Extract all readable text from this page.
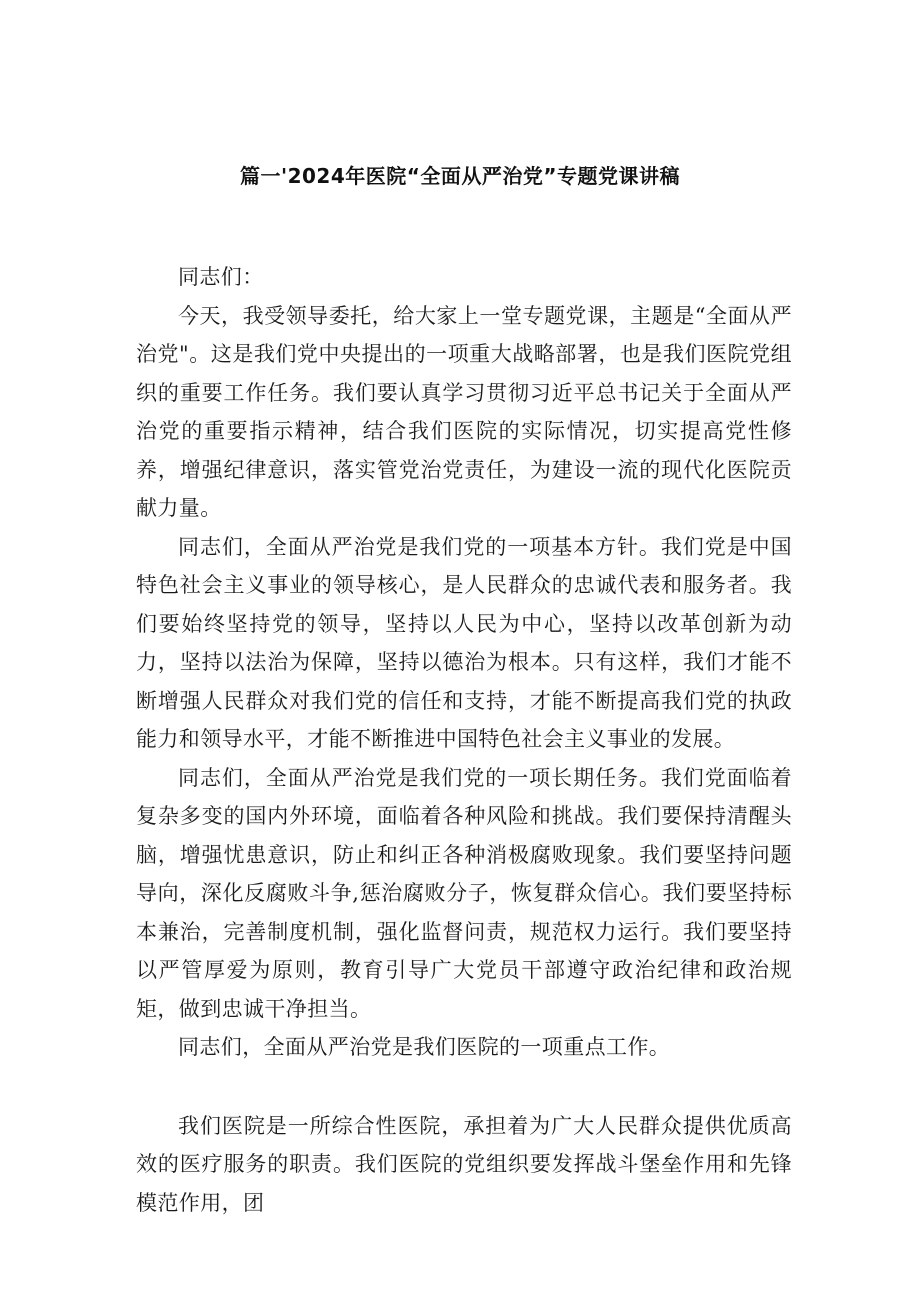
篇一'2024年医院“全面从严治党”专题党课讲稿

同志们：

今天，我受领导委托，给大家上一堂专题党课，主题是“全面从严治党"。这是我们党中央提出的一项重大战略部署，也是我们医院党组织的重要工作任务。我们要认真学习贯彻习近平总书记关于全面从严治党的重要指示精神，结合我们医院的实际情况，切实提高党性修养，增强纪律意识，落实管党治党责任，为建设一流的现代化医院贡献力量。

同志们，全面从严治党是我们党的一项基本方针。我们党是中国特色社会主义事业的领导核心，是人民群众的忠诚代表和服务者。我们要始终坚持党的领导，坚持以人民为中心，坚持以改革创新为动力，坚持以法治为保障，坚持以德治为根本。只有这样，我们才能不断增强人民群众对我们党的信任和支持，才能不断提高我们党的执政能力和领导水平，才能不断推进中国特色社会主义事业的发展。

同志们，全面从严治党是我们党的一项长期任务。我们党面临着复杂多变的国内外环境，面临着各种风险和挑战。我们要保持清醒头脑，增强忧患意识，防止和纠正各种消极腐败现象。我们要坚持问题导向，深化反腐败斗争,惩治腐败分子，恢复群众信心。我们要坚持标本兼治，完善制度机制，强化监督问责，规范权力运行。我们要坚持以严管厚爱为原则，教育引导广大党员干部遵守政治纪律和政治规矩，做到忠诚干净担当。

同志们，全面从严治党是我们医院的一项重点工作。

我们医院是一所综合性医院，承担着为广大人民群众提供优质高效的医疗服务的职责。我们医院的党组织要发挥战斗堡垒作用和先锋模范作用，团
